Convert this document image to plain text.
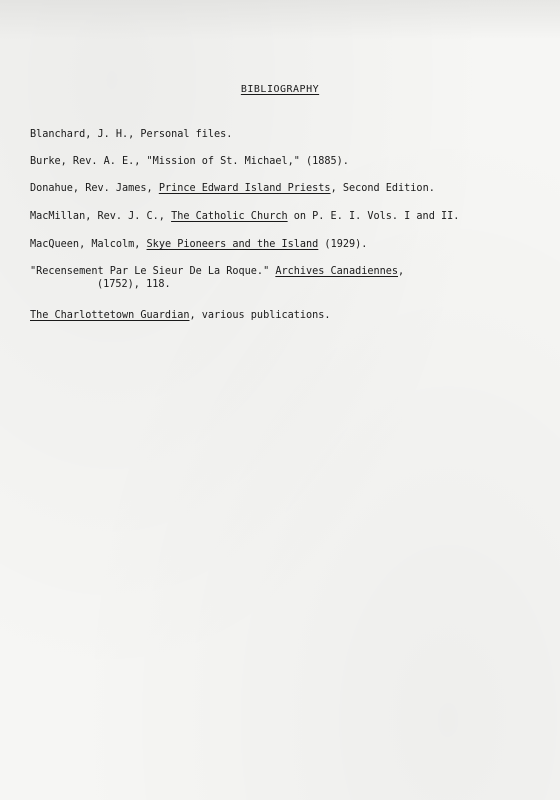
BIBLIOGRAPHY
Blanchard, J. H., Personal files.
Burke, Rev. A. E., "Mission of St. Michael," (1885).
Donahue, Rev. James, Prince Edward Island Priests, Second Edition.
MacMillan, Rev. J. C., The Catholic Church on P. E. I. Vols. I and II.
MacQueen, Malcolm, Skye Pioneers and the Island (1929).
"Recensement Par Le Sieur De La Roque." Archives Canadiennes,
(1752), 118.
The Charlottetown Guardian, various publications.
